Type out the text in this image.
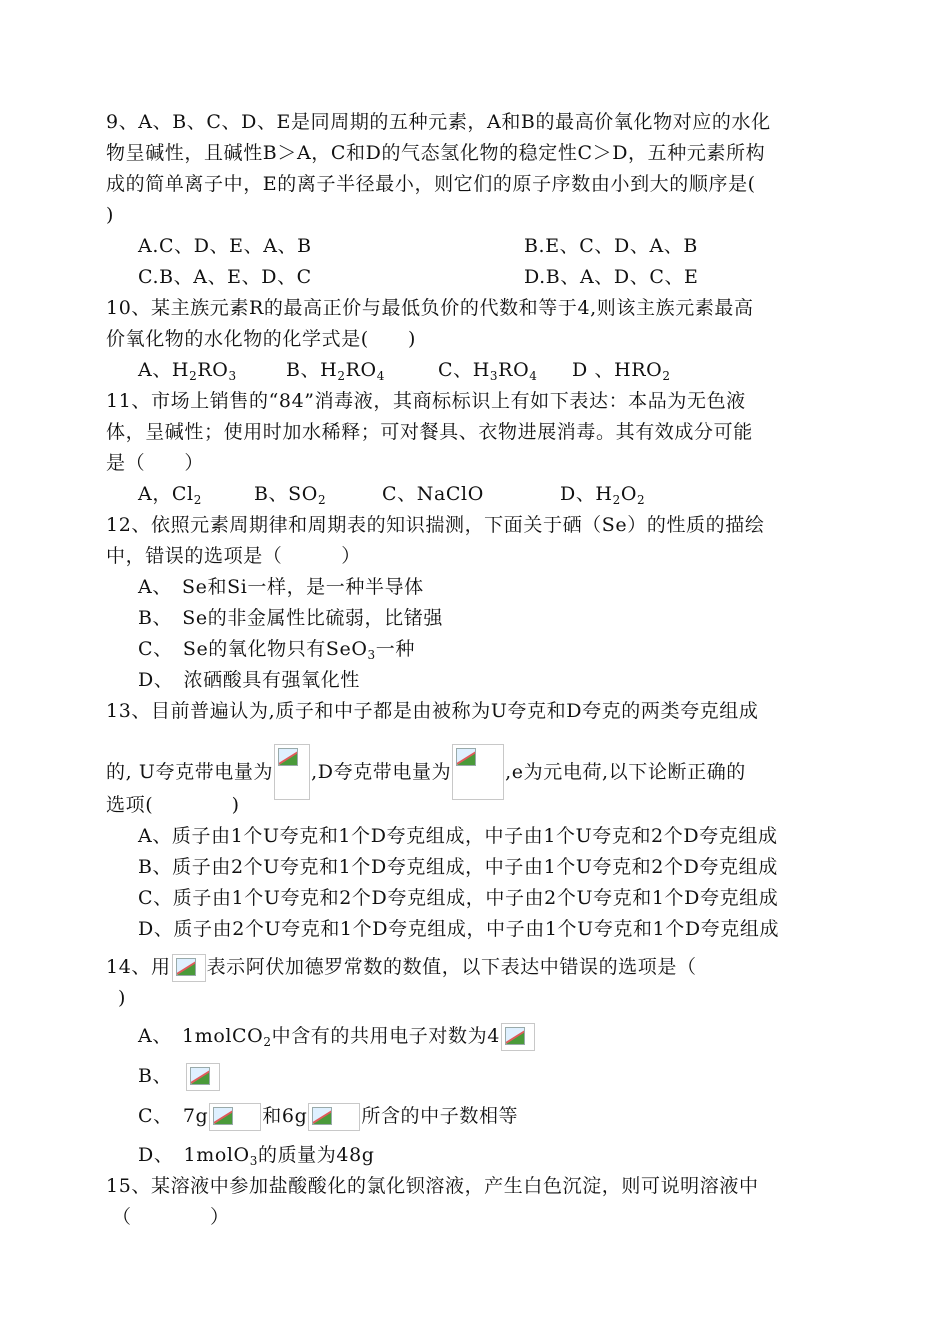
9、A、B、C、D、E是同周期的五种元素，A和B的最高价氧化物对应的水化
物呈碱性，且碱性B＞A，C和D的气态氢化物的稳定性C＞D，五种元素所构
成的简单离子中，E的离子半径最小，则它们的原子序数由小到大的顺序是(
)
A.C、D、E、A、B	B.E、C、D、A、B
C.B、A、E、D、C	D.B、A、D、C、E
10、某主族元素R的最高正价与最低负价的代数和等于4,则该主族元素最高
价氧化物的水化物的化学式是(　　)
A、$H_2RO_3$	B、$H_2RO_4$	C、$H_3RO_4$ D 、$HRO_2$
11、市场上销售的“84”消毒液，其商标标识上有如下表达：本品为无色液
体，呈碱性；使用时加水稀释；可对餐具、衣物进展消毒。其有效成分可能
是（　　）
A，$Cl_2$	B、$SO_2$	C、NaClO	D、$H_2O_2$
12、依照元素周期律和周期表的知识揣测，下面关于硒（Se）的性质的描绘
中，错误的选项是（　　　）
A、　Se和Si一样，是一种半导体
B、　Se的非金属性比硫弱，比锗强
C、　Se的氧化物只有SeO$_3$一种
D、　浓硒酸具有强氧化性
13、目前普遍认为,质子和中子都是由被称为U夸克和D夸克的两类夸克组成
的, U夸克带电量为 ,D夸克带电量为	,e为元电荷,以下论断正确的
选项(　　　　)
A、质子由1个U夸克和1个D夸克组成，中子由1个U夸克和2个D夸克组成
B、质子由2个U夸克和1个D夸克组成，中子由1个U夸克和2个D夸克组成
C、质子由1个U夸克和2个D夸克组成，中子由2个U夸克和1个D夸克组成
D、质子由2个U夸克和1个D夸克组成，中子由1个U夸克和1个D夸克组成
14、用 表示阿伏加德罗常数的数值，以下表达中错误的选项是（
)
A、　1molCO$_2$中含有的共用电子对数为4
B、
C、　7g	和6g	所含的中子数相等
D、　1molO$_3$的质量为48g
15、某溶液中参加盐酸酸化的氯化钡溶液，产生白色沉淀，则可说明溶液中
（　　　　）
